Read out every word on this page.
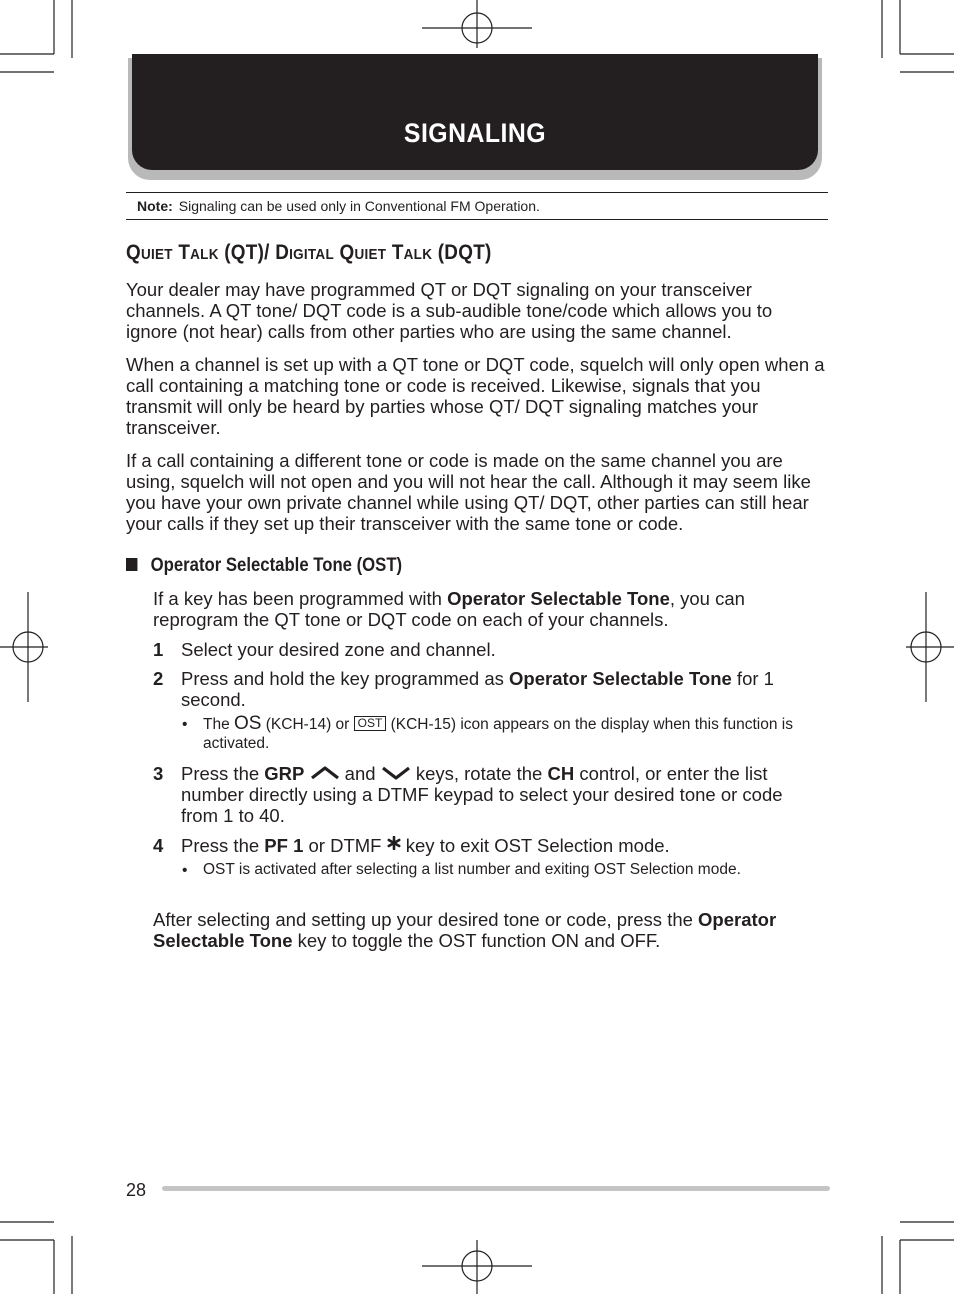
SIGNALING
Note: Signaling can be used only in Conventional FM Operation.
QUIET TALK (QT)/ DIGITAL QUIET TALK (DQT)

Your dealer may have programmed QT or DQT signaling on your transceiver channels. A QT tone/ DQT code is a sub-audible tone/code which allows you to ignore (not hear) calls from other parties who are using the same channel.

When a channel is set up with a QT tone or DQT code, squelch will only open when a call containing a matching tone or code is received. Likewise, signals that you transmit will only be heard by parties whose QT/ DQT signaling matches your transceiver.

If a call containing a different tone or code is made on the same channel you are using, squelch will not open and you will not hear the call. Although it may seem like you have your own private channel while using QT/ DQT, other parties can still hear your calls if they set up their transceiver with the same tone or code.

Operator Selectable Tone (OST)

If a key has been programmed with Operator Selectable Tone, you can reprogram the QT tone or DQT code on each of your channels.

1 Select your desired zone and channel.
2 Press and hold the key programmed as Operator Selectable Tone for 1 second.
• The OS (KCH-14) or OST (KCH-15) icon appears on the display when this function is activated.
3 Press the GRP  and  keys, rotate the CH control, or enter the list number directly using a DTMF keypad to select your desired tone or code from 1 to 40.
4 Press the PF 1 or DTMF  key to exit OST Selection mode.
• OST is activated after selecting a list number and exiting OST Selection mode.

After selecting and setting up your desired tone or code, press the Operator Selectable Tone key to toggle the OST function ON and OFF.

28
